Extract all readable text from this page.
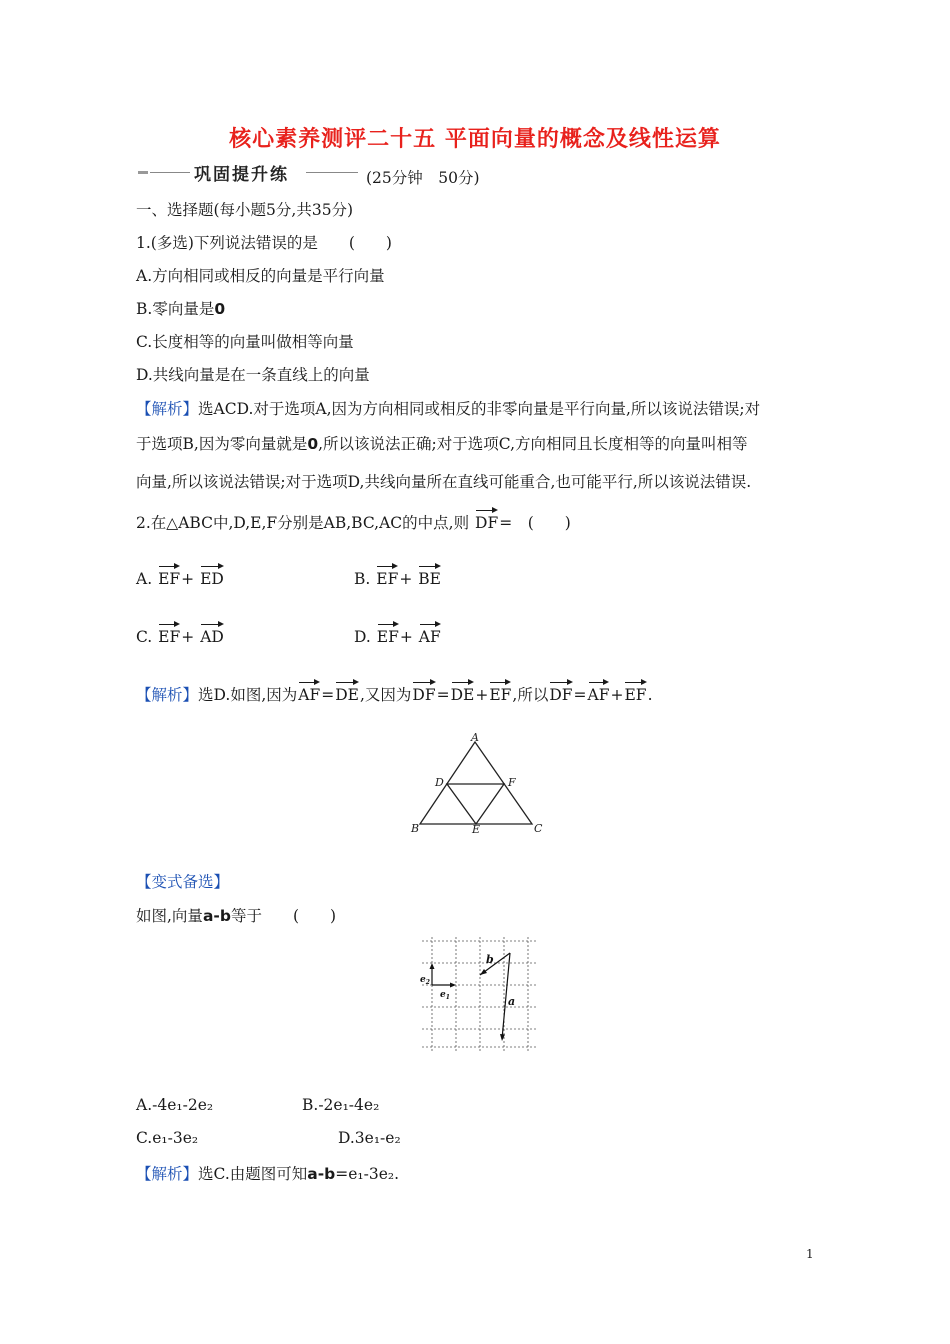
核心素养测评二十五 平面向量的概念及线性运算
巩固提升练	(25分钟　50分)
一、选择题(每小题5分,共35分)
1.(多选)下列说法错误的是　　(　　)
A.方向相同或相反的向量是平行向量
B.零向量是0
C.长度相等的向量叫做相等向量
D.共线向量是在一条直线上的向量
【解析】选ACD.对于选项A,因为方向相同或相反的非零向量是平行向量,所以该说法错误;对
于选项B,因为零向量就是0,所以该说法正确;对于选项C,方向相同且长度相等的向量叫相等
向量,所以该说法错误;对于选项D,共线向量所在直线可能重合,也可能平行,所以该说法错误.
2.在△ABC中,D,E,F分别是AB,BC,AC的中点,则 DF=　(　　)
A. EF+ ED	B. EF+ BE
C. EF+ AD	D. EF+ AF
【解析】选D.如图,因为AF=DE,又因为DF=DE+EF,所以DF=AF+EF.
A
B	C
D
E
F
【变式备选】
如图,向量a-b等于　　(　　)
b
a
$e_2$
$e_1$
A.-4e₁-2e₂	B.-2e₁-4e₂
C.e₁-3e₂	D.3e₁-e₂
【解析】选C.由题图可知a-b=e₁-3e₂.
1
